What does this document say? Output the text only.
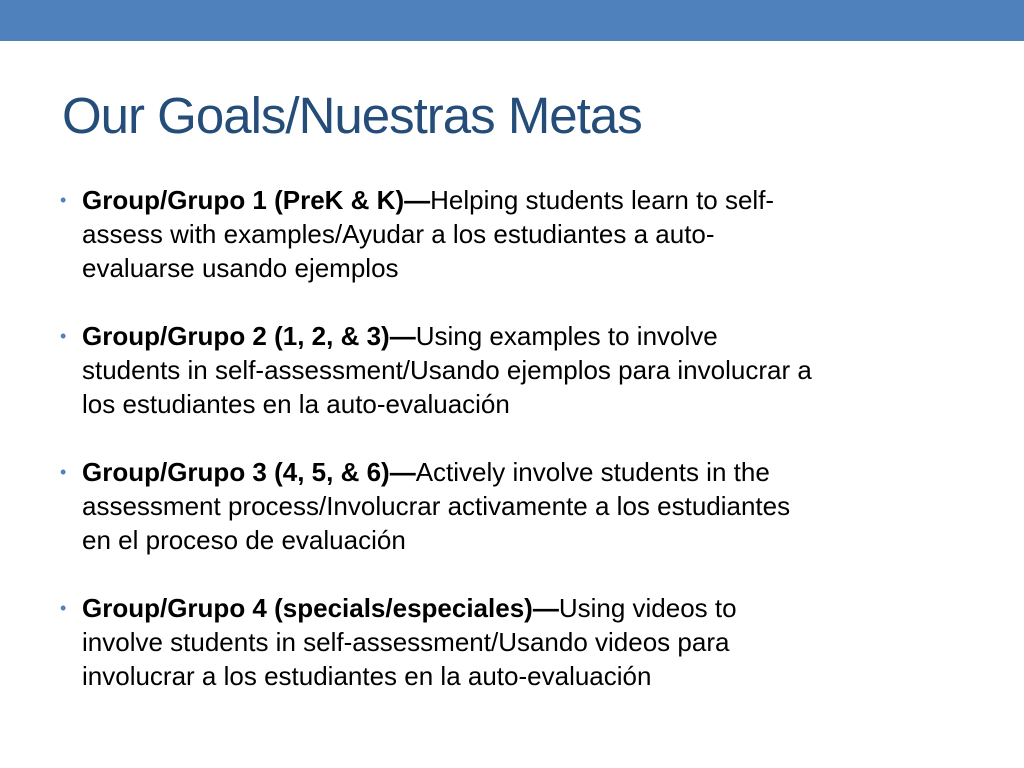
Our Goals/Nuestras Metas
• Group/Grupo 1 (PreK & K)—Helping students learn to self-
assess with examples/Ayudar a los estudiantes a auto-
evaluarse usando ejemplos
• Group/Grupo 2 (1, 2, & 3)—Using examples to involve
students in self-assessment/Usando ejemplos para involucrar a
los estudiantes en la auto-evaluación
• Group/Grupo 3 (4, 5, & 6)—Actively involve students in the
assessment process/Involucrar activamente a los estudiantes
en el proceso de evaluación
• Group/Grupo 4 (specials/especiales)—Using videos to
involve students in self-assessment/Usando videos para
involucrar a los estudiantes en la auto-evaluación
